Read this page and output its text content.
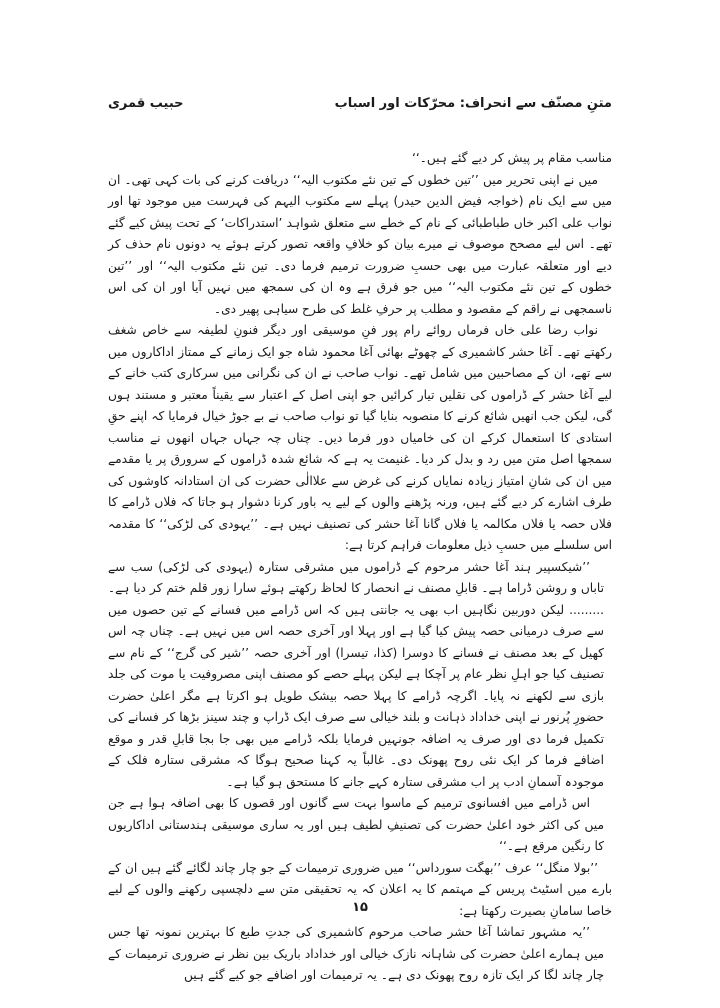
حبیب قمری	متنِ مصنّف سے انحراف: محرّکات اور اسباب

مناسب مقام پر پیش کر دیے گئے ہیں۔‘‘

میں نے اپنی تحریر میں ’’تین خطوں کے تین نئے مکتوب الیہ‘‘ دریافت کرنے کی بات کہی تھی۔ ان میں سے ایک نام (خواجہ فیض الدین حیدر) پہلے سے مکتوب الیہم کی فہرست میں موجود تھا اور نواب علی اکبر خاں طباطبائی کے نام کے خطے سے متعلق شواہد ’استدراکات‘ کے تحت پیش کیے گئے تھے۔ اس لیے مصحح موصوف نے میرے بیان کو خلافِ واقعہ تصور کرتے ہوئے یہ دونوں نام حذف کر دیے اور متعلقہ عبارت میں بھی حسبِ ضرورت ترمیم فرما دی۔ تین نئے مکتوب الیہ‘‘ اور ’’تین خطوں کے تین نئے مکتوب الیہ‘‘ میں جو فرق ہے وہ ان کی سمجھ میں نہیں آیا اور ان کی اس ناسمجھی نے راقم کے مقصود و مطلب پر حرفِ غلط کی طرح سیاہی پھیر دی۔

نواب رضا علی خاں فرماں روائے رام پور فنِ موسیقی اور دیگر فنونِ لطیفہ سے خاص شغف رکھتے تھے۔ آغا حشر کاشمیری کے چھوٹے بھائی آغا محمود شاہ جو ایک زمانے کے ممتاز اداکاروں میں سے تھے، ان کے مصاحبین میں شامل تھے۔ نواب صاحب نے ان کی نگرانی میں سرکاری کتب خانے کے لیے آغا حشر کے ڈراموں کی نقلیں تیار کرائیں جو اپنی اصل کے اعتبار سے یقیناً معتبر و مستند ہوں گی، لیکن جب انھیں شائع کرنے کا منصوبہ بنایا گیا تو نواب صاحب نے بے جوڑ خیال فرمایا کہ اپنے حقِ استادی کا استعمال کرکے ان کی خامیاں دور فرما دیں۔ چناں چہ جہاں جہاں انھوں نے مناسب سمجھا اصل متن میں رد و بدل کر دیا۔ غنیمت یہ ہے کہ شائع شدہ ڈراموں کے سرورق پر یا مقدمے میں ان کی شانِ امتیاز زیادہ نمایاں کرنے کی غرض سے علاالٰی حضرت کی ان استادانہ کاوشوں کی طرف اشارے کر دیے گئے ہیں، ورنہ پڑھنے والوں کے لیے یہ باور کرنا دشوار ہو جاتا کہ فلاں ڈرامے کا فلاں حصہ یا فلاں مکالمہ یا فلاں گانا آغا حشر کی تصنیف نہیں ہے۔ ’’یہودی کی لڑکی‘‘ کا مقدمہ اس سلسلے میں حسبِ ذیل معلومات فراہم کرتا ہے:

’’شیکسپیر ہند آغا حشر مرحوم کے ڈراموں میں مشرقی ستارہ (یہودی کی لڑکی) سب سے تاباں و روشن ڈراما ہے۔ قابلِ مصنف نے انحصار کا لحاظ رکھتے ہوئے سارا زور قلم ختم کر دیا ہے۔ ......... لیکن دوربین نگاہیں اب بھی یہ جانتی ہیں کہ اس ڈرامے میں فسانے کے تین حصوں میں سے صرف درمیانی حصہ پیش کیا گیا ہے اور پہلا اور آخری حصہ اس میں نہیں ہے۔ چناں چہ اس کھیل کے بعد مصنف نے فسانے کا دوسرا (کذا، تیسرا) اور آخری حصہ ’’شیر کی گرج‘‘ کے نام سے تصنیف کیا جو اہلِ نظر عام پر آچکا ہے لیکن پہلے حصے کو مصنف اپنی مصروفیت یا موت کی جلد بازی سے لکھنے نہ پایا۔ اگرچہ ڈرامے کا پہلا حصہ بیشک طویل ہو اکرتا ہے مگر اعلیٰ حضرت حضورِ پُرنور نے اپنی خداداد ذہانت و بلند خیالی سے صرف ایک ڈراپ و چند سینز بڑھا کر فسانے کی تکمیل فرما دی اور صرف یہ اضافہ جونہیں فرمایا بلکہ ڈرامے میں بھی جا بجا قابلِ قدر و موقع اضافے فرما کر ایک نئی روح پھونک دی۔ غالباً یہ کہنا صحیح ہوگا کہ مشرقی ستارہ فلک کے موجودہ آسمانِ ادب پر اب مشرقی ستارہ کہے جانے کا مستحق ہو گیا ہے۔

اس ڈرامے میں افسانوی ترمیم کے ماسوا بہت سے گانوں اور قصوں کا بھی اضافہ ہوا ہے جن میں کی اکثر خود اعلیٰ حضرت کی تصنیفِ لطیف ہیں اور یہ ساری موسیقی ہندستانی اداکاریوں کا رنگین مرقع ہے۔‘‘

’’بولا منگل‘‘ عرف ’’بھگت سورداس‘‘ میں ضروری ترمیمات کے جو چار چاند لگائے گئے ہیں ان کے بارے میں اسٹیٹ پریس کے مہتمم کا یہ اعلان کہ یہ تحقیقی متن سے دلچسپی رکھنے والوں کے لیے خاصا سامانِ بصیرت رکھتا ہے:

’’یہ مشہور تماشا آغا حشر صاحب مرحوم کاشمیری کی جدتِ طبع کا بہترین نمونہ تھا جس میں ہمارے اعلیٰ حضرت کی شاہانہ نازک خیالی اور خداداد باریک بین نظر نے ضروری ترمیمات کے چار چاند لگا کر ایک تازہ روح پھونک دی ہے۔ یہ ترمیمات اور اضافے جو کیے گئے ہیں

۱۵
